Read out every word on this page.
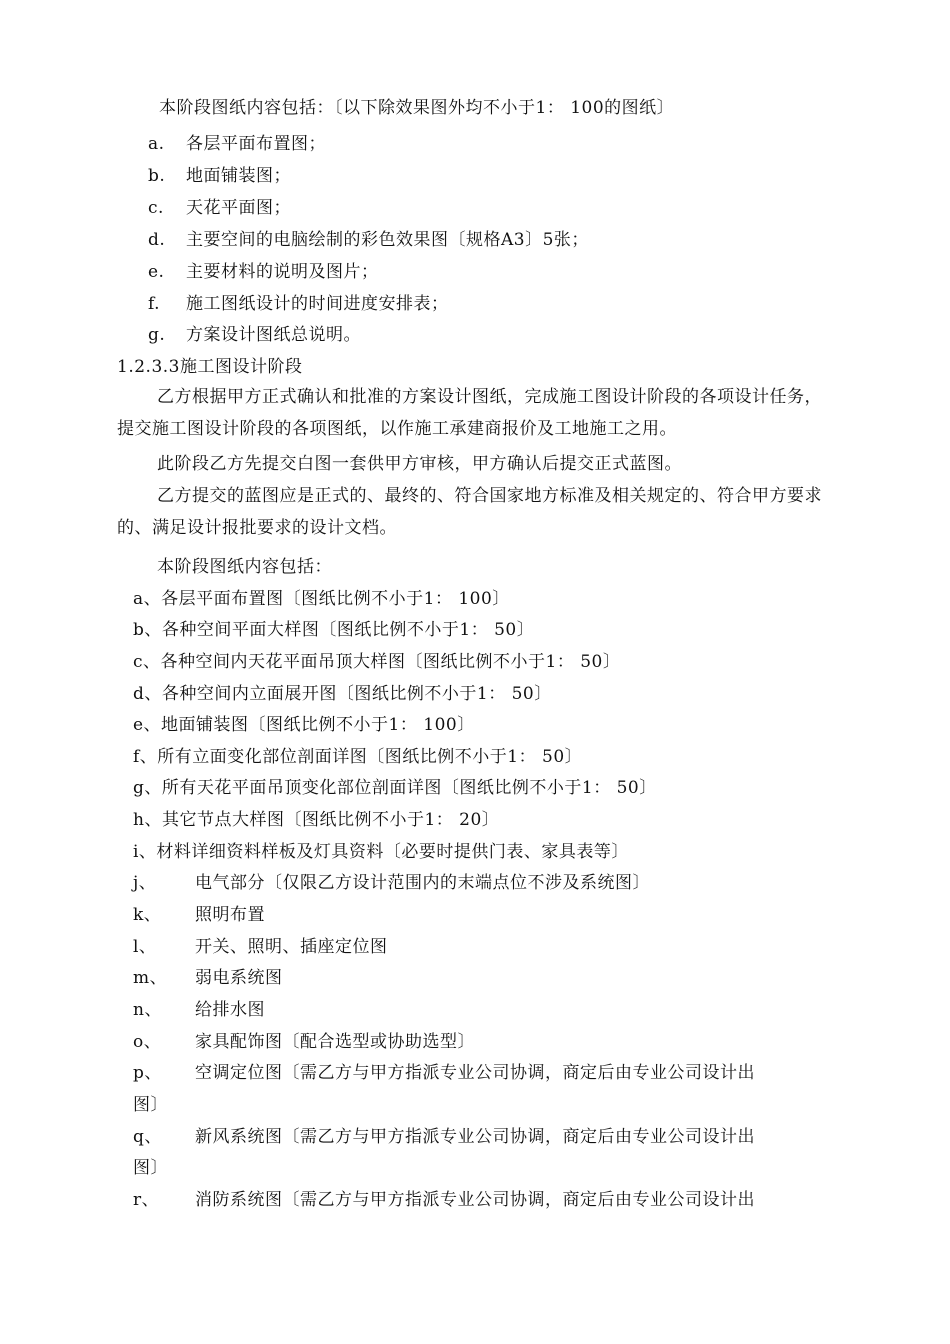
本阶段图纸内容包括：〔以下除效果图外均不小于1： 100的图纸〕
a. 各层平面布置图；
b. 地面铺装图；
c. 天花平面图；
d. 主要空间的电脑绘制的彩色效果图〔规格A3〕5张；
e. 主要材料的说明及图片；
f. 施工图纸设计的时间进度安排表；
g. 方案设计图纸总说明。
1.2.3.3施工图设计阶段
乙方根据甲方正式确认和批准的方案设计图纸，完成施工图设计阶段的各项设计任务，提交施工图设计阶段的各项图纸，以作施工承建商报价及工地施工之用。
此阶段乙方先提交白图一套供甲方审核，甲方确认后提交正式蓝图。
乙方提交的蓝图应是正式的、最终的、符合国家地方标准及相关规定的、符合甲方要求的、满足设计报批要求的设计文档。
本阶段图纸内容包括：
a、各层平面布置图〔图纸比例不小于1： 100〕
b、各种空间平面大样图〔图纸比例不小于1： 50〕
c、各种空间内天花平面吊顶大样图〔图纸比例不小于1： 50〕
d、各种空间内立面展开图〔图纸比例不小于1： 50〕
e、地面铺装图〔图纸比例不小于1： 100〕
f、所有立面变化部位剖面详图〔图纸比例不小于1： 50〕
g、所有天花平面吊顶变化部位剖面详图〔图纸比例不小于1： 50〕
h、其它节点大样图〔图纸比例不小于1： 20〕
i、材料详细资料样板及灯具资料〔必要时提供门表、家具表等〕
j、 电气部分〔仅限乙方设计范围内的末端点位不涉及系统图〕
k、 照明布置
l、 开关、照明、插座定位图
m、 弱电系统图
n、 给排水图
o、 家具配饰图〔配合选型或协助选型〕
p、 空调定位图〔需乙方与甲方指派专业公司协调，商定后由专业公司设计出
图〕
q、 新风系统图〔需乙方与甲方指派专业公司协调，商定后由专业公司设计出
图〕
r、 消防系统图〔需乙方与甲方指派专业公司协调，商定后由专业公司设计出
